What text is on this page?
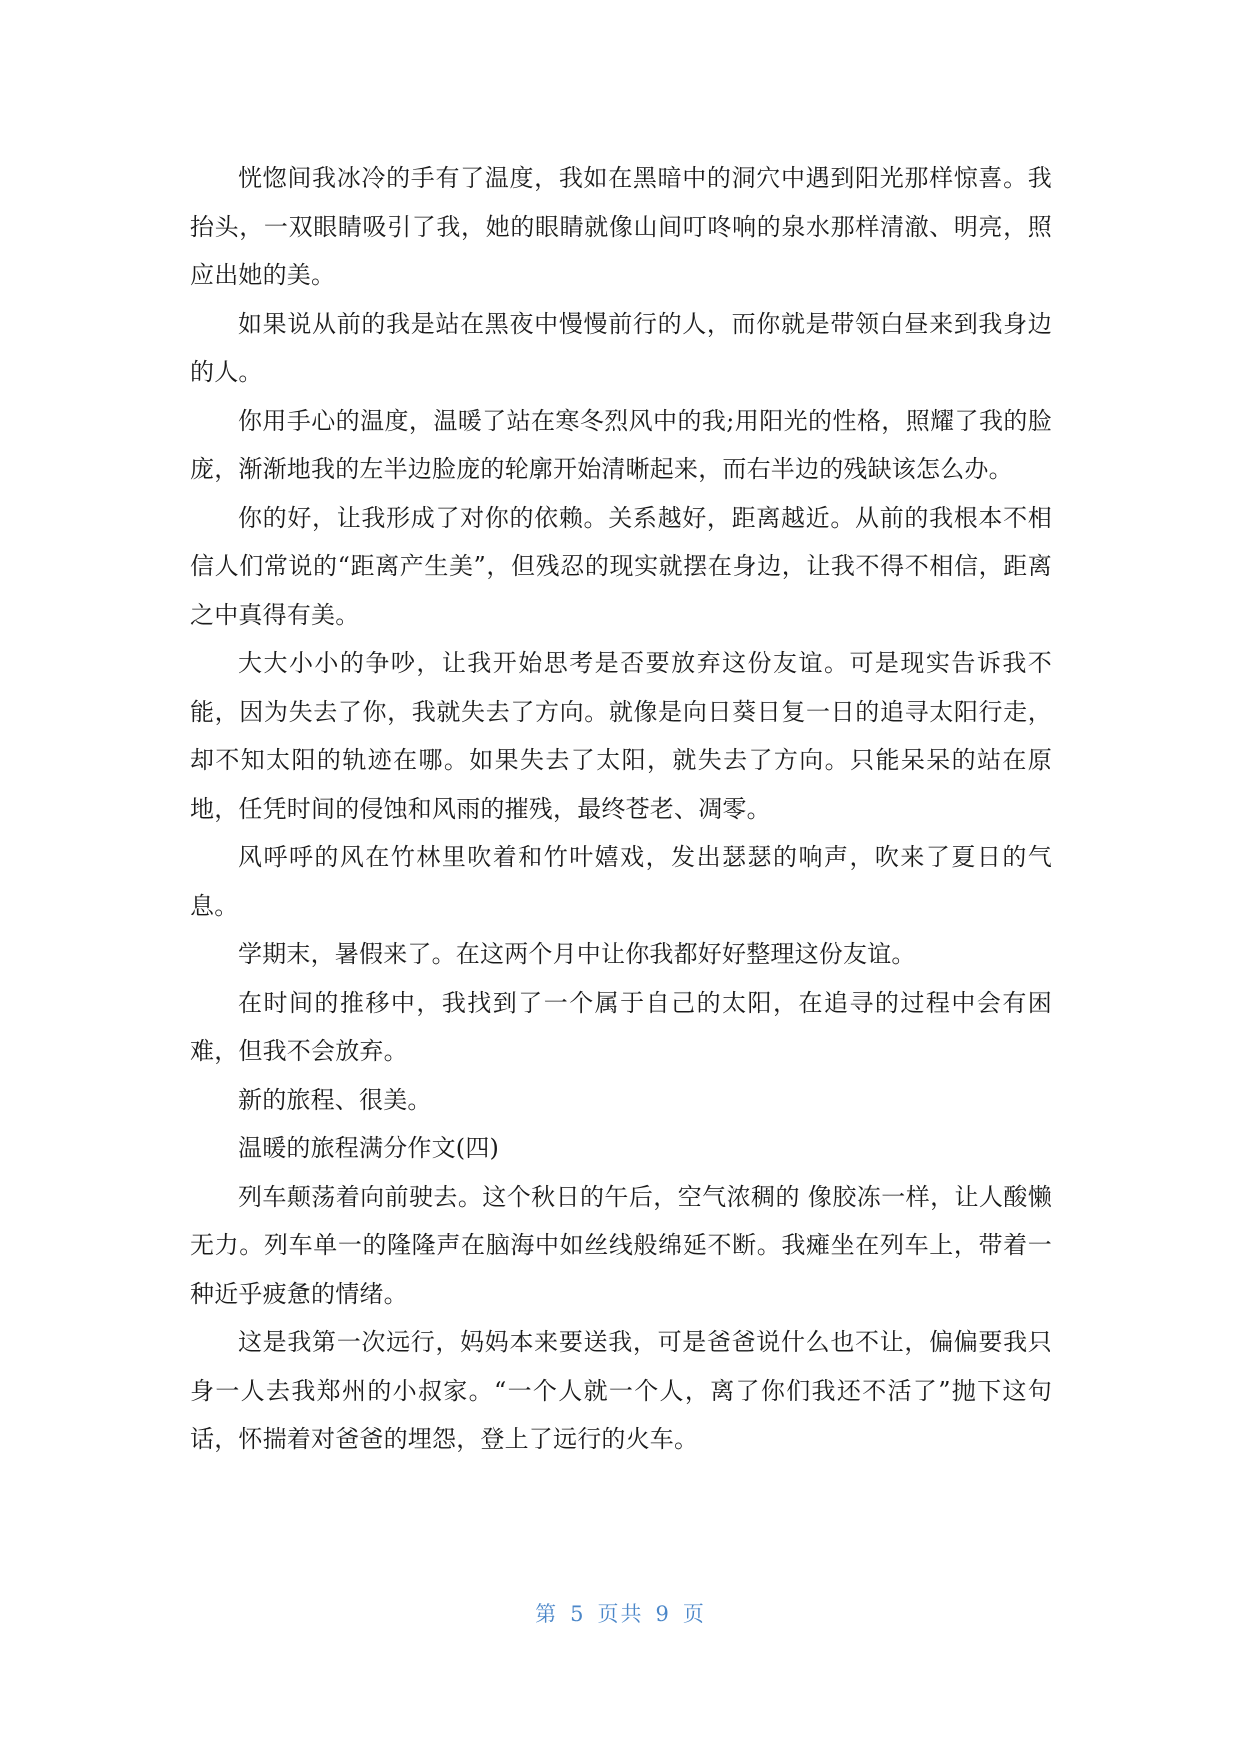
恍惚间我冰冷的手有了温度，我如在黑暗中的洞穴中遇到阳光那样惊喜。我抬头，一双眼睛吸引了我，她的眼睛就像山间叮咚响的泉水那样清澈、明亮，照应出她的美。

如果说从前的我是站在黑夜中慢慢前行的人，而你就是带领白昼来到我身边的人。

你用手心的温度，温暖了站在寒冬烈风中的我;用阳光的性格，照耀了我的脸庞，渐渐地我的左半边脸庞的轮廓开始清晰起来，而右半边的残缺该怎么办。

你的好，让我形成了对你的依赖。关系越好，距离越近。从前的我根本不相信人们常说的“距离产生美”，但残忍的现实就摆在身边，让我不得不相信，距离之中真得有美。

大大小小的争吵，让我开始思考是否要放弃这份友谊。可是现实告诉我不能，因为失去了你，我就失去了方向。就像是向日葵日复一日的追寻太阳行走，却不知太阳的轨迹在哪。如果失去了太阳，就失去了方向。只能呆呆的站在原地，任凭时间的侵蚀和风雨的摧残，最终苍老、凋零。

风呼呼的风在竹林里吹着和竹叶嬉戏，发出瑟瑟的响声，吹来了夏日的气息。

学期末，暑假来了。在这两个月中让你我都好好整理这份友谊。

在时间的推移中，我找到了一个属于自己的太阳，在追寻的过程中会有困难，但我不会放弃。

新的旅程、很美。

温暖的旅程满分作文(四)

列车颠荡着向前驶去。这个秋日的午后，空气浓稠的 像胶冻一样，让人酸懒无力。列车单一的隆隆声在脑海中如丝线般绵延不断。我瘫坐在列车上，带着一种近乎疲惫的情绪。

这是我第一次远行，妈妈本来要送我，可是爸爸说什么也不让，偏偏要我只身一人去我郑州的小叔家。“一个人就一个人，离了你们我还不活了”抛下这句话，怀揣着对爸爸的埋怨，登上了远行的火车。

第 5 页共 9 页
